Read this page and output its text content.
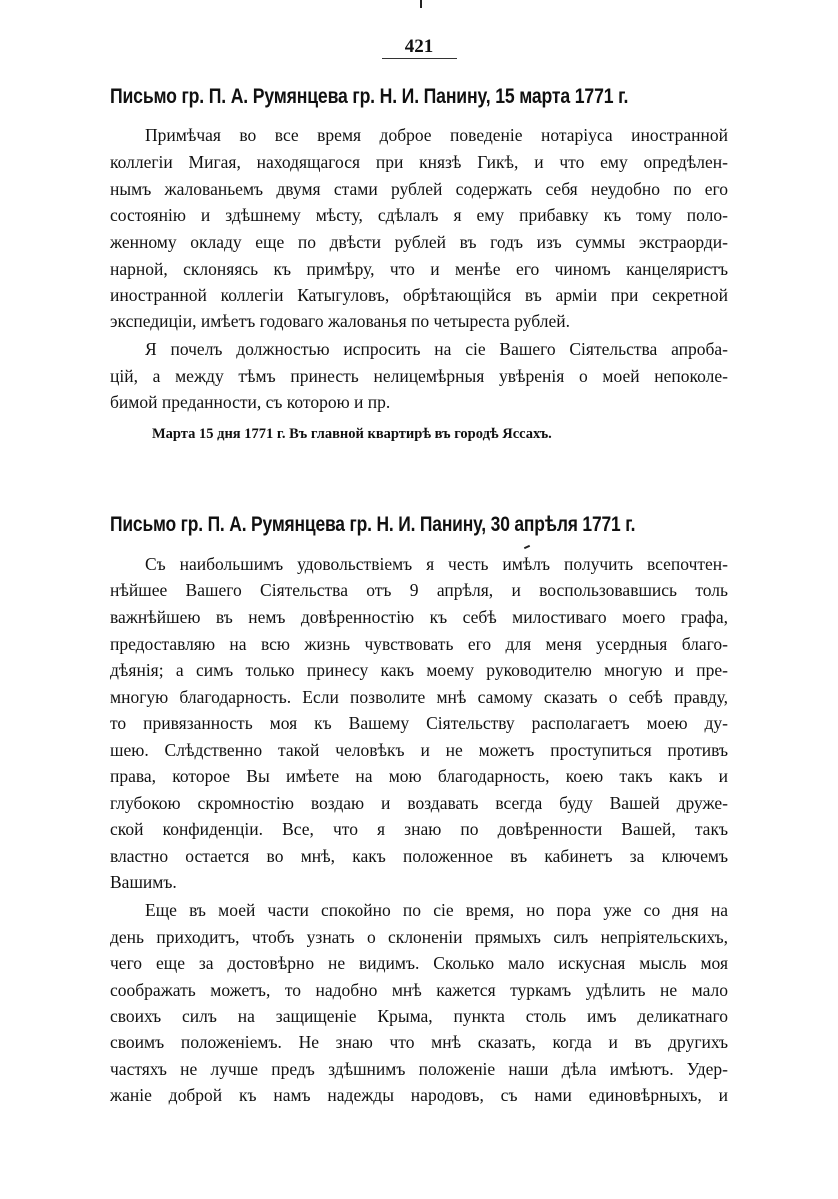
421
Письмо гр. П. А. Румянцева гр. Н. И. Панину, 15 марта 1771 г.
Примѣчая во все время доброе поведеніе нотаріуса иностранной
коллегіи Мигая, находящагося при князѣ Гикѣ, и что ему опредѣлен-
нымъ жалованьемъ двумя стами рублей содержать себя неудобно по его
состоянію и здѣшнему мѣсту, сдѣлалъ я ему прибавку къ тому поло-
женному окладу еще по двѣсти рублей въ годъ изъ суммы экстраорди-
нарной, склоняясь къ примѣру, что и менѣе его чиномъ канцеляристъ
иностранной коллегіи Катыгуловъ, обрѣтающійся въ арміи при секретной
экспедиціи, имѣетъ годоваго жалованья по четыреста рублей.
Я почелъ должностью испросить на сіе Вашего Сіятельства апроба-
цій, а между тѣмъ принесть нелицемѣрныя увѣренія о моей непоколе-
бимой преданности, съ которою и пр.
Марта 15 дня 1771 г. Въ главной квартирѣ въ городѣ Яссахъ.
Письмо гр. П. А. Румянцева гр. Н. И. Панину, 30 апрѣля 1771 г.
Съ наибольшимъ удовольствіемъ я честь имѣлъ получить всепочтен-
нѣйшее Вашего Сіятельства отъ 9 апрѣля, и воспользовавшись толь
важнѣйшею въ немъ довѣренностію къ себѣ милостиваго моего графа,
предоставляю на всю жизнь чувствовать его для меня усердныя благо-
дѣянія; а симъ только принесу какъ моему руководителю многую и пре-
многую благодарность. Если позволите мнѣ самому сказать о себѣ правду,
то привязанность моя къ Вашему Сіятельству располагаетъ моею ду-
шею. Слѣдственно такой человѣкъ и не можетъ проступиться противъ
права, которое Вы имѣете на мою благодарность, коею такъ какъ и
глубокою скромностію воздаю и воздавать всегда буду Вашей друже-
ской конфиденціи. Все, что я знаю по довѣренности Вашей, такъ
властно остается во мнѣ, какъ положенное въ кабинетъ за ключемъ
Вашимъ.
Еще въ моей части спокойно по сіе время, но пора уже со дня на
день приходитъ, чтобъ узнать о склоненіи прямыхъ силъ непріятельскихъ,
чего еще за достовѣрно не видимъ. Сколько мало искусная мысль моя
соображать можетъ, то надобно мнѣ кажется туркамъ удѣлить не мало
своихъ силъ на защищеніе Крыма, пункта столь имъ деликатнаго
своимъ положеніемъ. Не знаю что мнѣ сказать, когда и въ другихъ
частяхъ не лучше предъ здѣшнимъ положеніе наши дѣла имѣютъ. Удер-
жаніе доброй къ намъ надежды народовъ, съ нами единовѣрныхъ, и
